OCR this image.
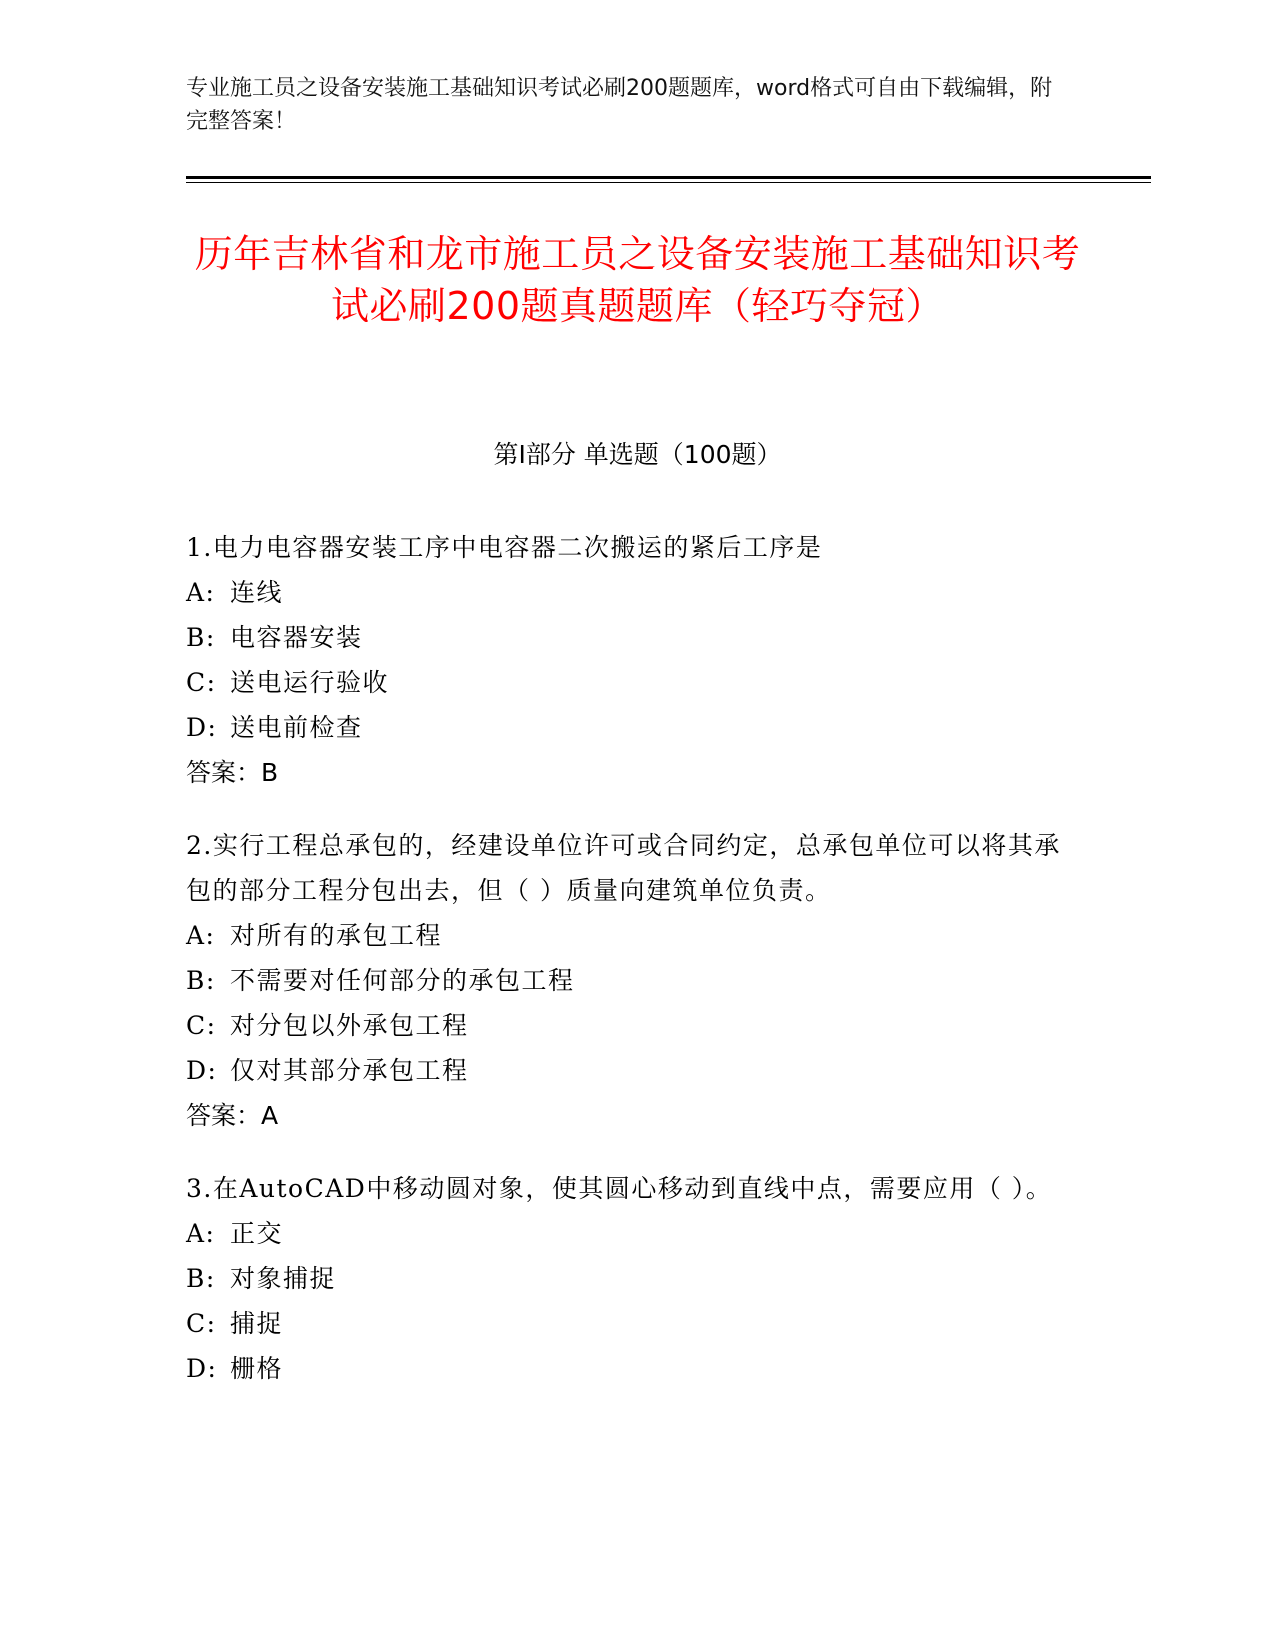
专业施工员之设备安装施工基础知识考试必刷200题题库，word格式可自由下载编辑，附完整答案！
历年吉林省和龙市施工员之设备安装施工基础知识考试必刷200题真题题库（轻巧夺冠）
第Ⅰ部分 单选题（100题）

1.电力电容器安装工序中电容器二次搬运的紧后工序是

A: 连线

B: 电容器安装

C: 送电运行验收

D: 送电前检查

答案：B

2.实行工程总承包的，经建设单位许可或合同约定，总承包单位可以将其承包的部分工程分包出去，但（ ）质量向建筑单位负责。

A: 对所有的承包工程

B: 不需要对任何部分的承包工程

C: 对分包以外承包工程

D: 仅对其部分承包工程

答案：A

3.在AutoCAD中移动圆对象，使其圆心移动到直线中点，需要应用（ ）。

A: 正交

B: 对象捕捉

C: 捕捉

D: 栅格
